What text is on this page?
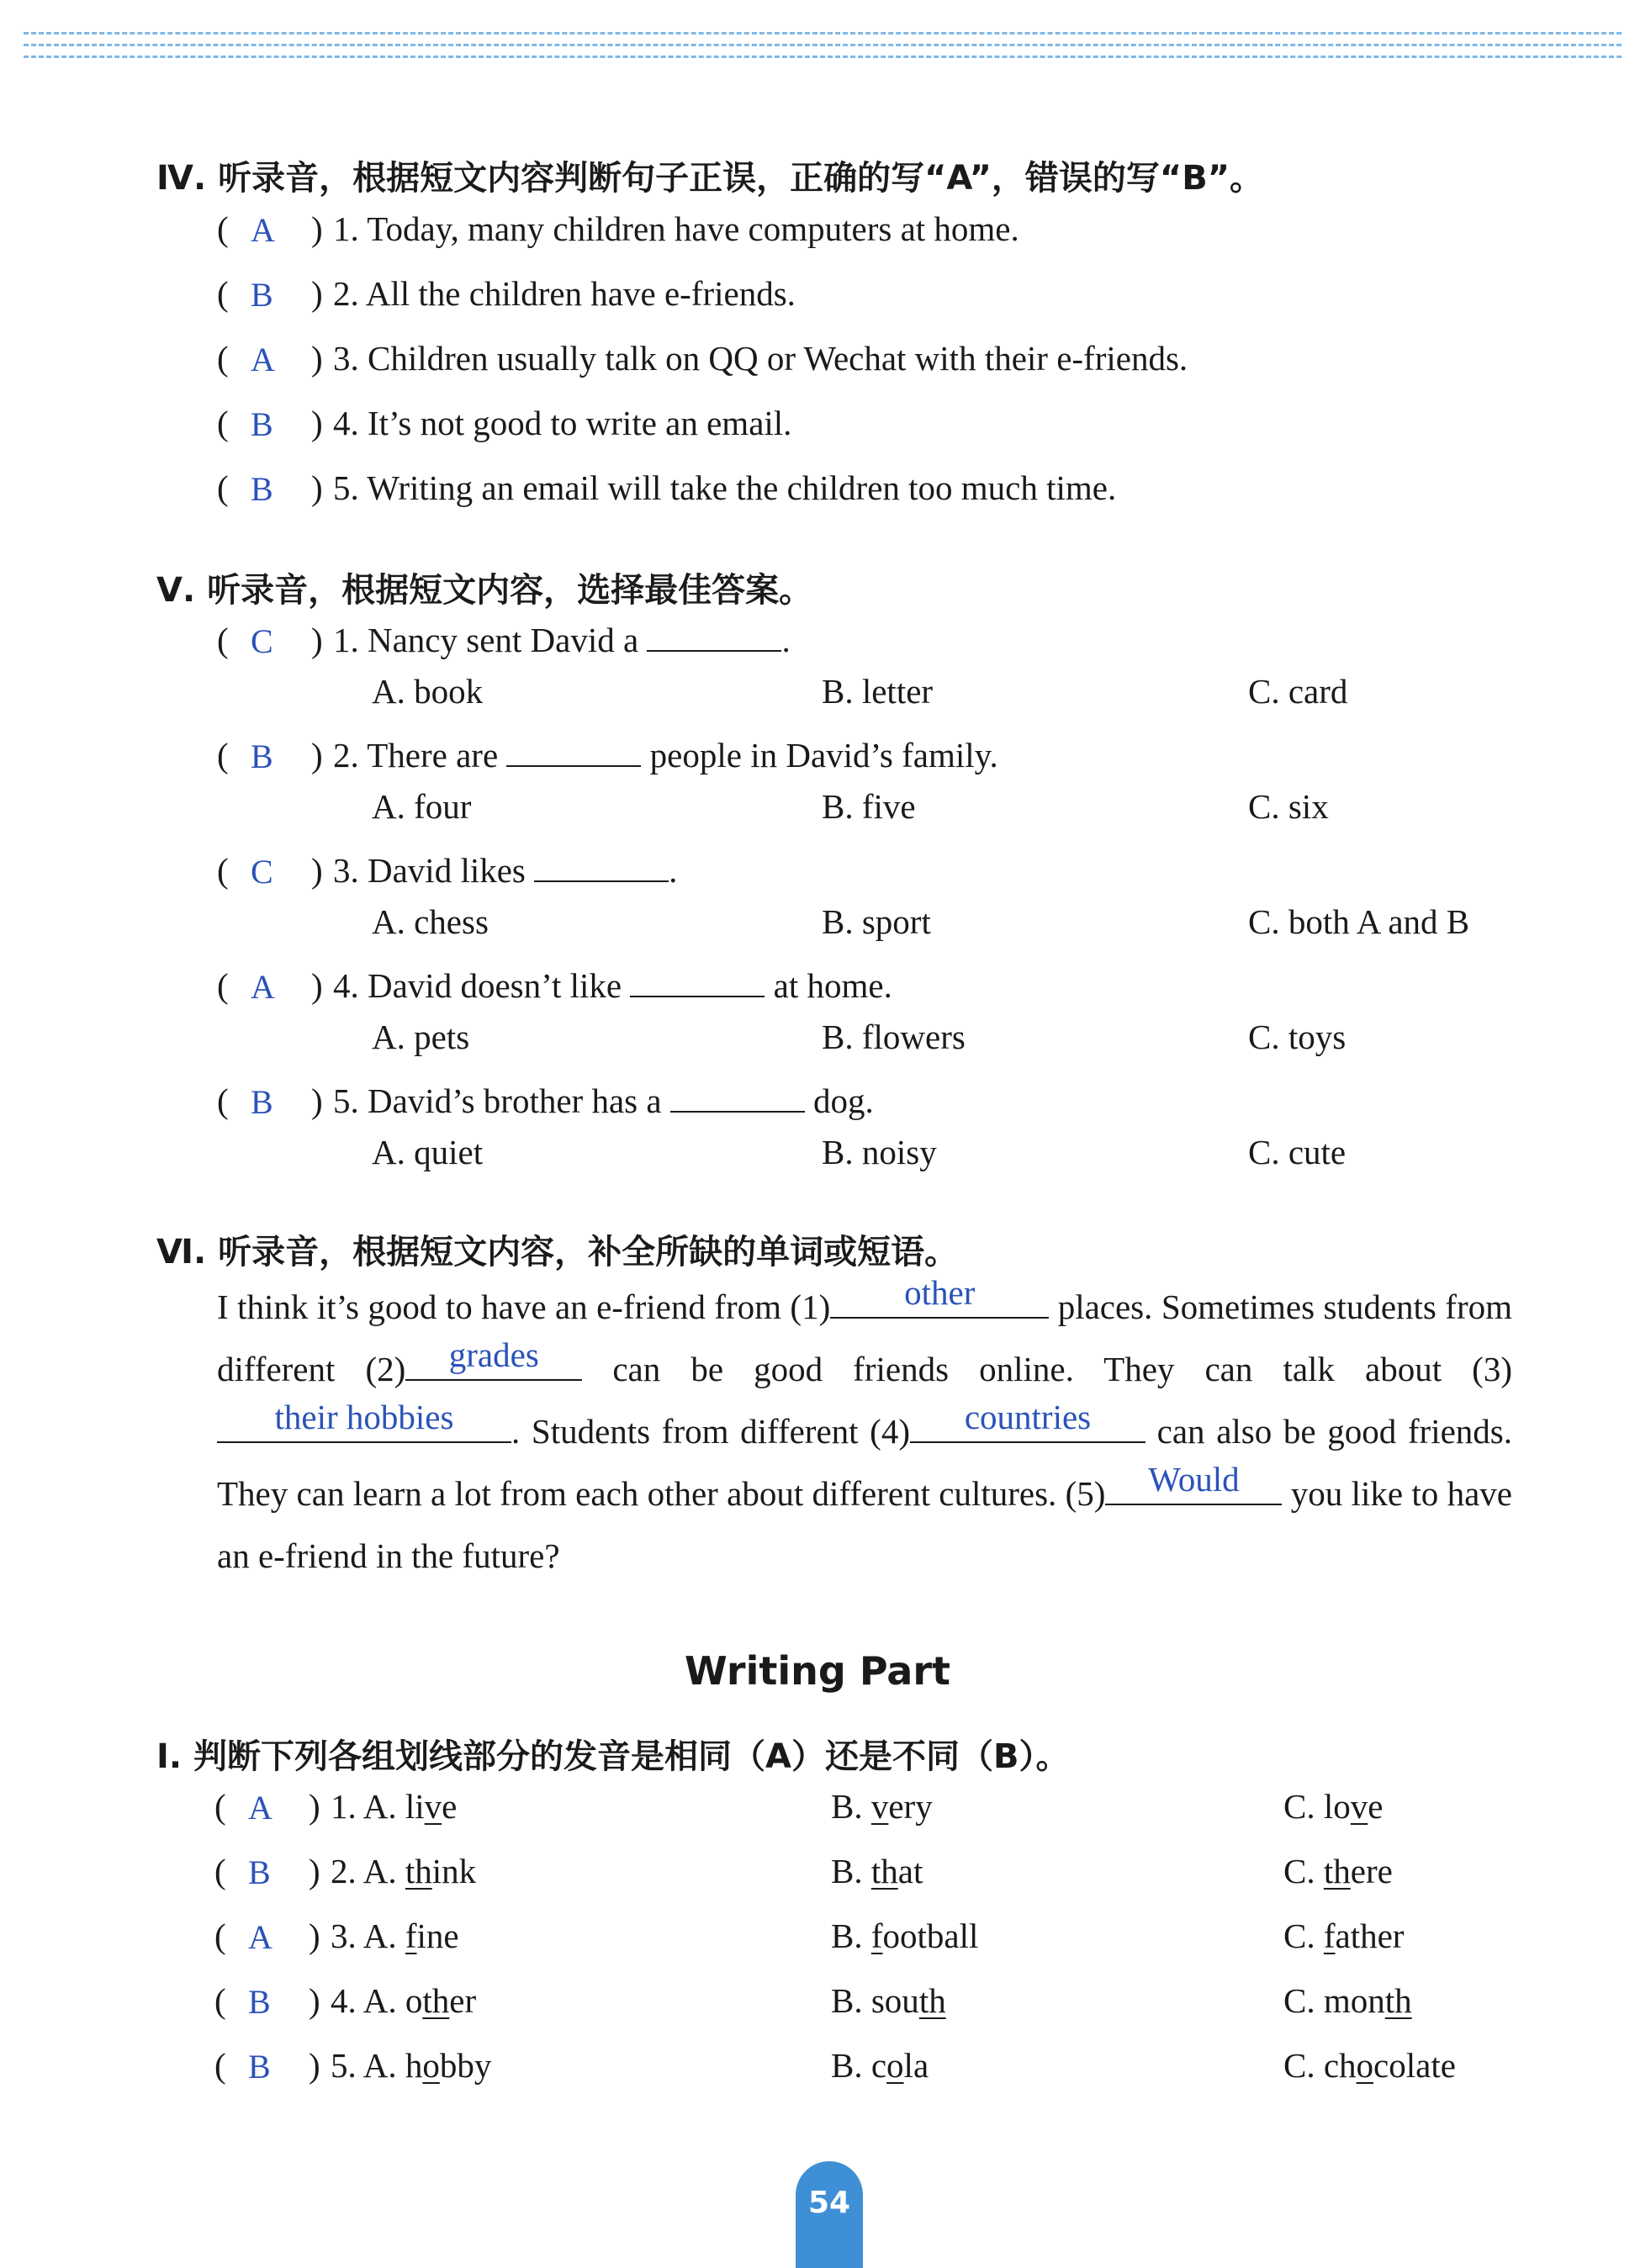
Ⅳ. 听录音，根据短文内容判断句子正误，正确的写“A”，错误的写“B”。
( A ) 1. Today, many children have computers at home.
( B ) 2. All the children have e-friends.
( A ) 3. Children usually talk on QQ or Wechat with their e-friends.
( B ) 4. It’s not good to write an email.
( B ) 5. Writing an email will take the children too much time.
Ⅴ. 听录音，根据短文内容，选择最佳答案。
( C ) 1. Nancy sent David a	.
A. book	B. letter	C. card
( B ) 2. There are	people in David’s family.
A. four	B. five	C. six
( C ) 3. David likes	.
A. chess	B. sport	C. both A and B
( A ) 4. David doesn’t like	at home.
A. pets	B. flowers	C. toys
( B ) 5. David’s brother has a	dog.
A. quiet	B. noisy	C. cute
Ⅵ. 听录音，根据短文内容，补全所缺的单词或短语。
I think it’s good to have an e-friend from (1)	other	places. Sometimes students from different (2)	grades	can be good friends online. They can talk about (3)
their hobbies	. Students from different (4)	countries	can also be good friends. They can learn a lot from each other about different cultures. (5)	Would	you like to have an e-friend in the future?
Writing Part
Ⅰ. 判断下列各组划线部分的发音是相同（A）还是不同（B）。
( A ) 1. A. live	B. very	C. love
( B ) 2. A. think	B. that	C. there
( A ) 3. A. fine	B. football	C. father
( B ) 4. A. other	B. south	C. month
( B ) 5. A. hobby	B. cola	C. chocolate
54
